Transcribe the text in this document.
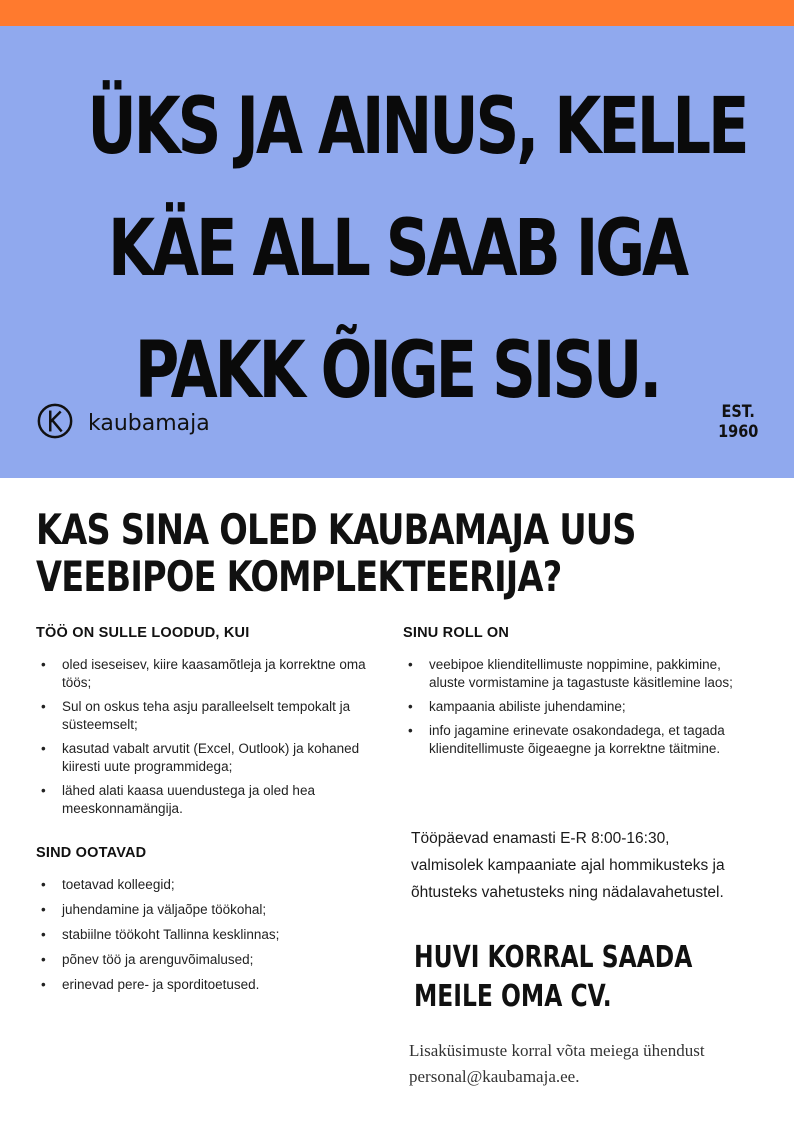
ÜKS JA AINUS, KELLE
KÄE ALL SAAB IGA
PAKK ÕIGE SISU.
kaubamaja	EST.
1960
KAS SINA OLED KAUBAMAJA UUS
VEEBIPOE KOMPLEKTEERIJA?
TÖÖ ON SULLE LOODUD, KUI
• oled iseseisev, kiire kaasamõtleja ja korrektne oma töös;
• Sul on oskus teha asju paralleelselt tempokalt ja süsteemselt;
• kasutad vabalt arvutit (Excel, Outlook) ja kohaned kiiresti uute programmidega;
• lähed alati kaasa uuendustega ja oled hea meeskonnamängija.
SIND OOTAVAD
• toetavad kolleegid;
• juhendamine ja väljaõpe töökohal;
• stabiilne töökoht Tallinna kesklinnas;
• põnev töö ja arenguvõimalused;
• erinevad pere- ja sporditoetused.
SINU ROLL ON
• veebipoe klienditellimuste noppimine, pakkimine, aluste vormistamine ja tagastuste käsitlemine laos;
• kampaania abiliste juhendamine;
• info jagamine erinevate osakondadega, et tagada klienditellimuste õigeaegne ja korrektne täitmine.
Tööpäevad enamasti E-R 8:00-16:30, valmisolek kampaaniate ajal hommikusteks ja õhtusteks vahetusteks ning nädalavahetustel.
HUVI KORRAL SAADA
MEILE OMA CV.
Lisaküsimuste korral võta meiega ühendust personal@kaubamaja.ee.
